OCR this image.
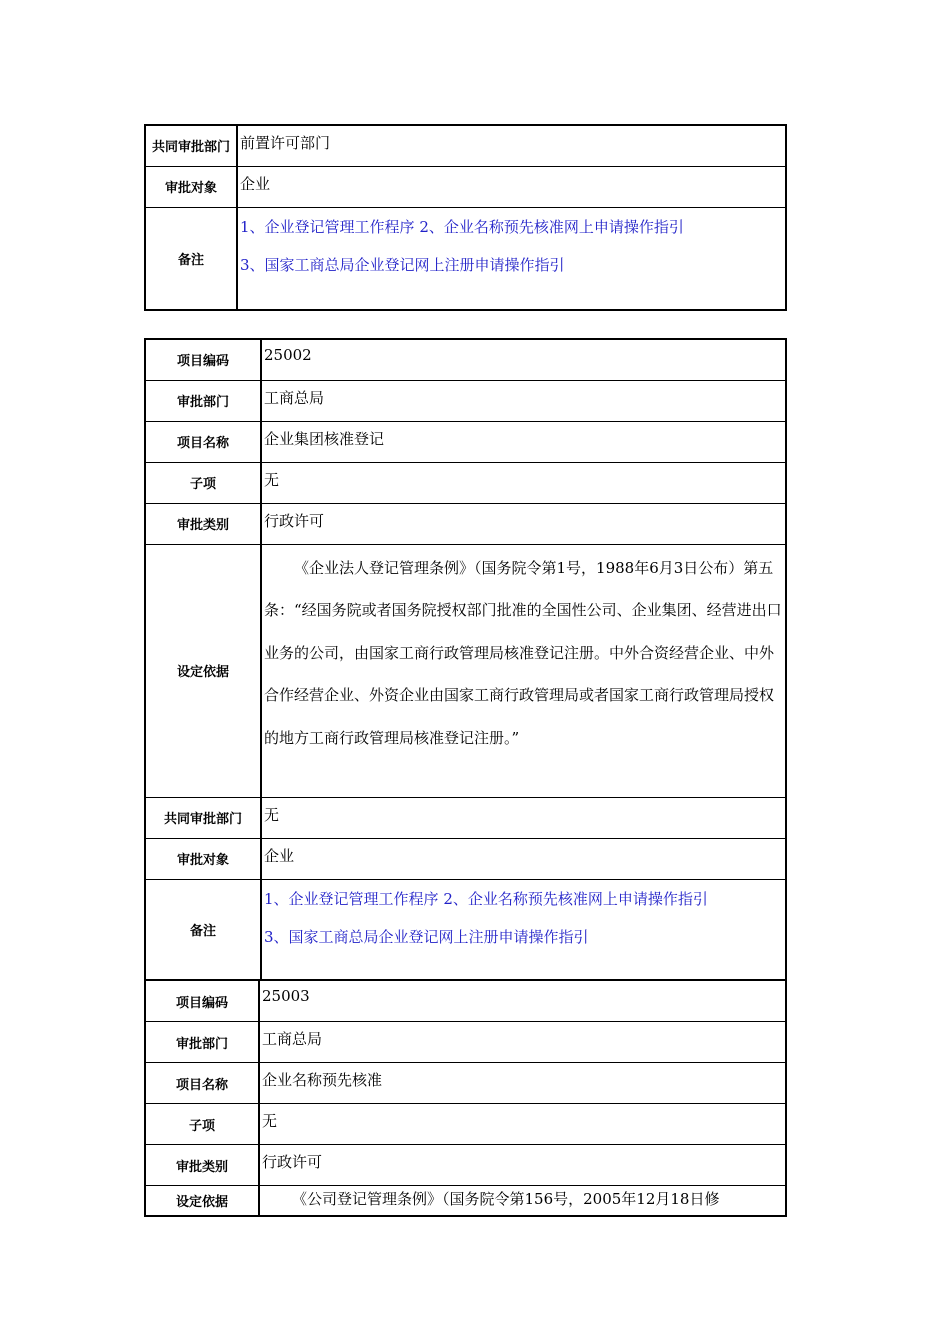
共同审批部门	前置许可部门
审批对象	企业
备注	1、企业登记管理工作程序 2、企业名称预先核准网上申请操作指引
3、国家工商总局企业登记网上注册申请操作指引
项目编码	25002
审批部门	工商总局
项目名称	企业集团核准登记
子项	无
审批类别	行政许可
设定依据	《企业法人登记管理条例》（国务院令第1号，1988年6月3日公布）第五条：“经国务院或者国务院授权部门批准的全国性公司、企业集团、经营进出口业务的公司，由国家工商行政管理局核准登记注册。中外合资经营企业、中外合作经营企业、外资企业由国家工商行政管理局或者国家工商行政管理局授权的地方工商行政管理局核准登记注册。”
共同审批部门	无
审批对象	企业
备注	1、企业登记管理工作程序 2、企业名称预先核准网上申请操作指引
3、国家工商总局企业登记网上注册申请操作指引
项目编码	25003
审批部门	工商总局
项目名称	企业名称预先核准
子项	无
审批类别	行政许可
设定依据	《公司登记管理条例》（国务院令第156号，2005年12月18日修
